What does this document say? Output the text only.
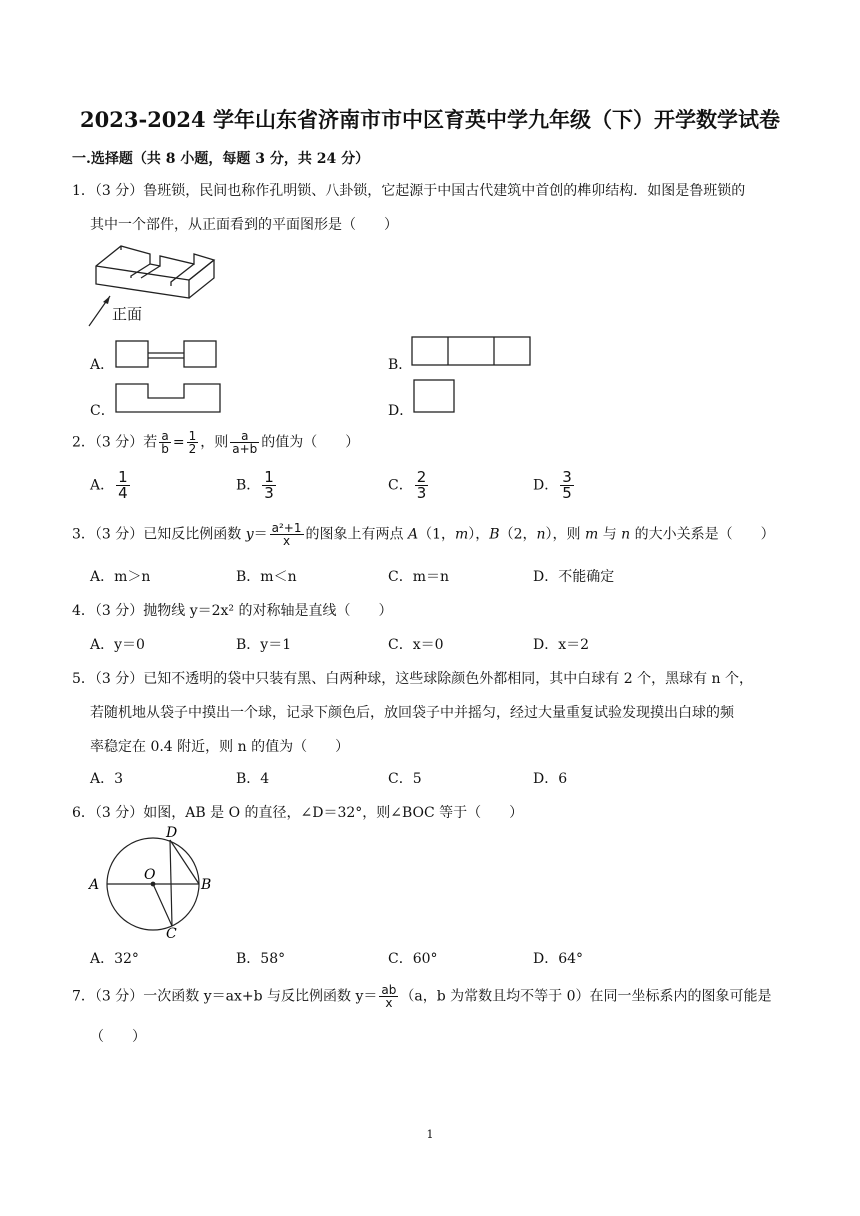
2023-2024 学年山东省济南市市中区育英中学九年级（下）开学数学试卷
一.选择题（共 8 小题，每题 3 分，共 24 分）
1．（3 分）鲁班锁，民间也称作孔明锁、八卦锁，它起源于中国古代建筑中首创的榫卯结构．如图是鲁班锁的
其中一个部件，从正面看到的平面图形是（　　）
正面
A．	B．
C．	D．
2．（3 分）若 $\frac{a}{b} = \frac{1}{2}$ ，则 $\frac{a}{a+b}$ 的值为（　　）
A． $\frac{1}{4}$	B． $\frac{1}{3}$	C． $\frac{2}{3}$	D． $\frac{3}{5}$
3．（3 分）已知反比例函数 $y= \frac{\text{a²+1}}{x}$ 的图象上有两点 A（1，m），B（2，n），则 m 与 n 的大小关系是（　　）
A．m＞n	B．m＜n	C．m＝n	D．不能确定
4．（3 分）抛物线 y＝2x² 的对称轴是直线（　　）
A．y＝0	B．y＝1	C．x＝0	D．x＝2
5．（3 分）已知不透明的袋中只装有黑、白两种球，这些球除颜色外都相同，其中白球有 2 个，黑球有 n 个，
若随机地从袋子中摸出一个球，记录下颜色后，放回袋子中并摇匀，经过大量重复试验发现摸出白球的频
率稳定在 0.4 附近，则 n 的值为（　　）
A．3	B．4	C．5	D．6
6．（3 分）如图，AB 是 O 的直径，∠D＝32°，则∠BOC 等于（　　）
A	B
C
D
O
A．32°	B．58°	C．60°	D．64°
7．（3 分）一次函数 y＝ax+b 与反比例函数 $y= \frac{ab}{x} (a$，b 为常数且均不等于 0）在同一坐标系内的图象可能是
（　　）
1
